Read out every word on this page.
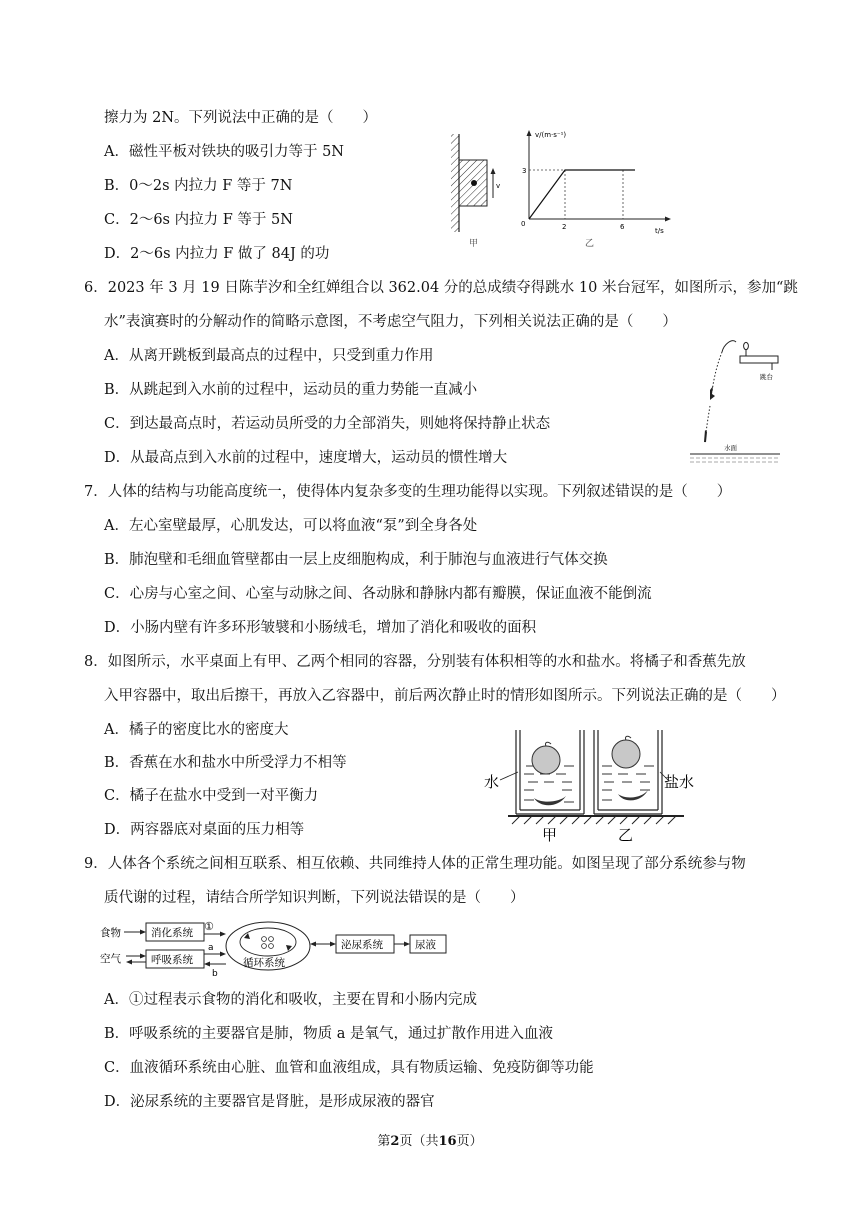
擦力为 2N。下列说法中正确的是（　　）
A．磁性平板对铁块的吸引力等于 5N
B．0～2s 内拉力 F 等于 7N
C．2～6s 内拉力 F 等于 5N
D．2～6s 内拉力 F 做了 84J 的功
6．2023 年 3 月 19 日陈芋汐和全红婵组合以 362.04 分的总成绩夺得跳水 10 米台冠军，如图所示，参加“跳
水”表演赛时的分解动作的简略示意图，不考虑空气阻力，下列相关说法正确的是（　　）
A．从离开跳板到最高点的过程中，只受到重力作用
B．从跳起到入水前的过程中，运动员的重力势能一直减小
C．到达最高点时，若运动员所受的力全部消失，则她将保持静止状态
D．从最高点到入水前的过程中，速度增大，运动员的惯性增大
7．人体的结构与功能高度统一，使得体内复杂多变的生理功能得以实现。下列叙述错误的是（　　）
A．左心室壁最厚，心肌发达，可以将血液“泵”到全身各处
B．肺泡壁和毛细血管壁都由一层上皮细胞构成，利于肺泡与血液进行气体交换
C．心房与心室之间、心室与动脉之间、各动脉和静脉内都有瓣膜，保证血液不能倒流
D．小肠内壁有许多环形皱襞和小肠绒毛，增加了消化和吸收的面积
8．如图所示，水平桌面上有甲、乙两个相同的容器，分别装有体积相等的水和盐水。将橘子和香蕉先放
入甲容器中，取出后擦干，再放入乙容器中，前后两次静止时的情形如图所示。下列说法正确的是（　　）
A．橘子的密度比水的密度大
B．香蕉在水和盐水中所受浮力不相等
C．橘子在盐水中受到一对平衡力
D．两容器底对桌面的压力相等
9．人体各个系统之间相互联系、相互依赖、共同维持人体的正常生理功能。如图呈现了部分系统参与物
质代谢的过程，请结合所学知识判断，下列说法错误的是（　　）
A．①过程表示食物的消化和吸收，主要在胃和小肠内完成
B．呼吸系统的主要器官是肺，物质 a 是氧气，通过扩散作用进入血液
C．血液循环系统由心脏、血管和血液组成，具有物质运输、免疫防御等功能
D．泌尿系统的主要器官是肾脏，是形成尿液的器官
v
甲
v/(m·s⁻¹)
t/s
0
3
2	6
乙
跳台
水面
水	盐水
甲	乙
食物	消化系统 ①
空气	呼吸系统
a
b
循环系统
泌尿系统	尿液
第2页（共16页）
